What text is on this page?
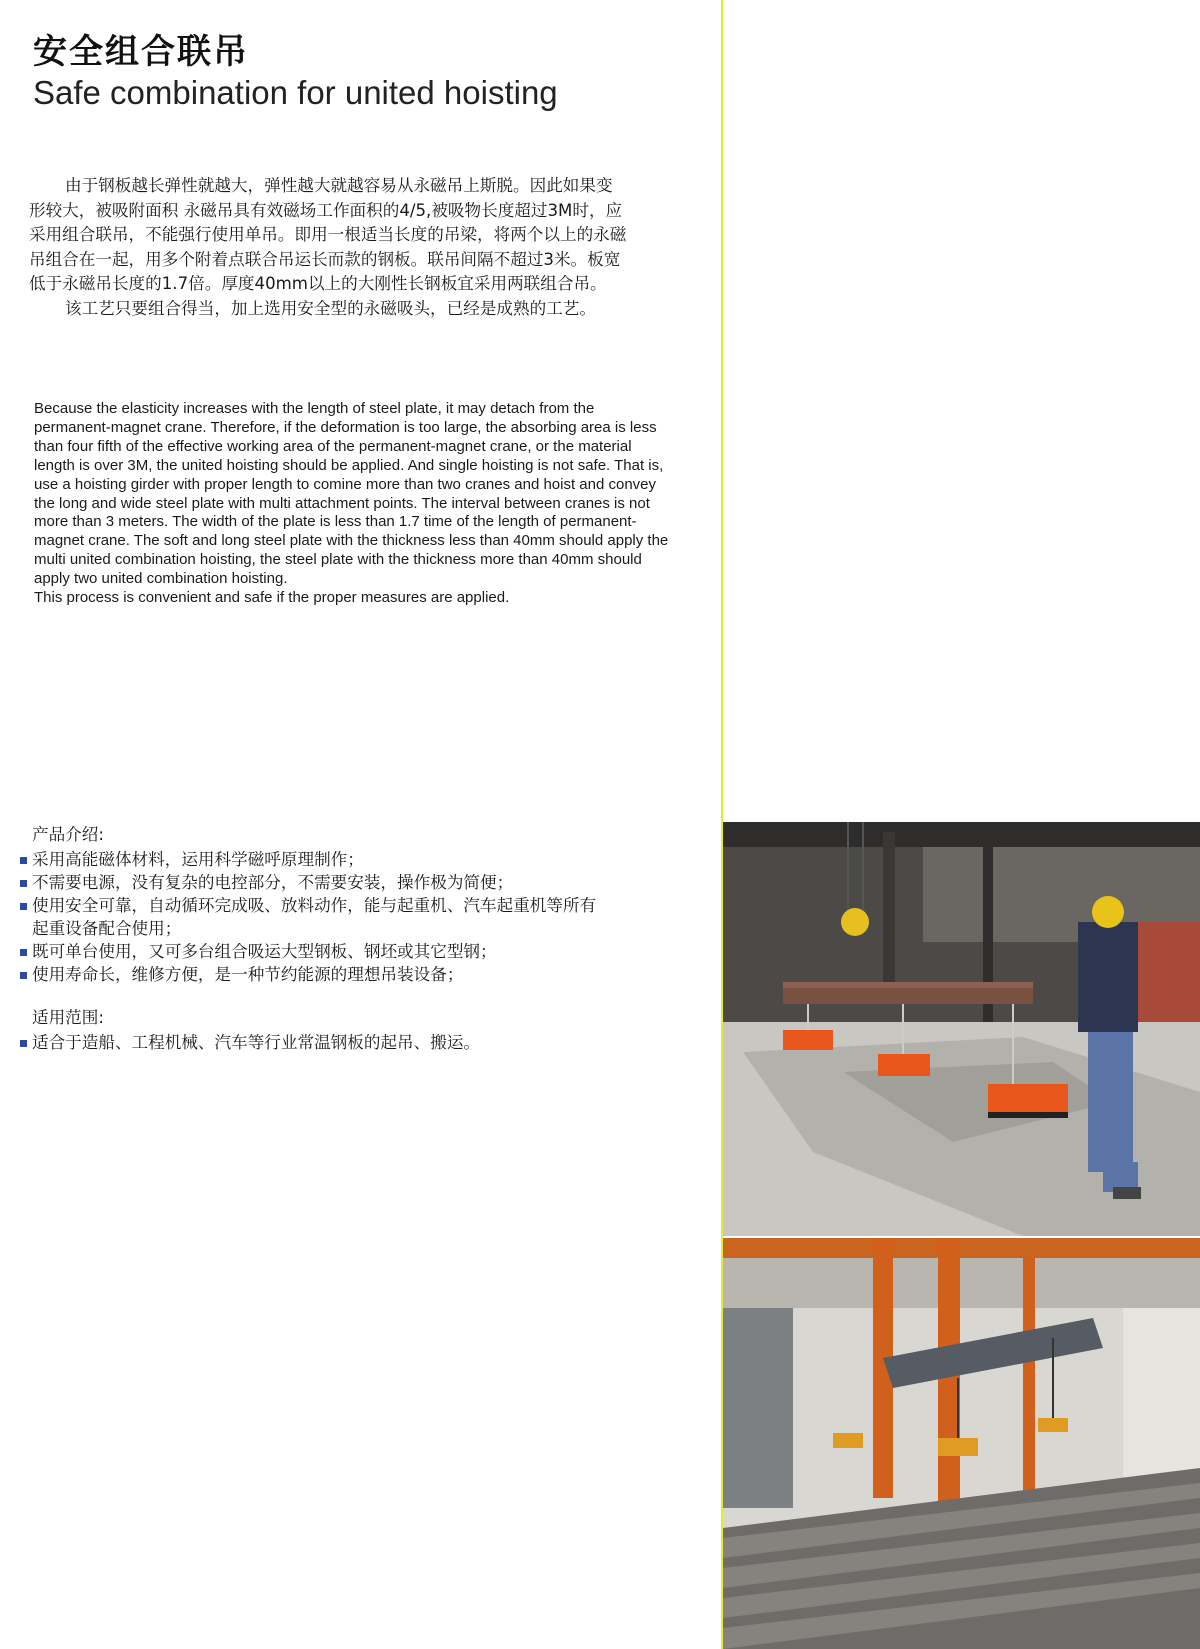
安全组合联吊
Safe combination for united hoisting

由于钢板越长弹性就越大，弹性越大就越容易从永磁吊上斯脱。因此如果变形较大，被吸附面积 永磁吊具有效磁场工作面积的4/5,被吸物长度超过3M时，应采用组合联吊，不能强行使用单吊。即用一根适当长度的吊梁，将两个以上的永磁吊组合在一起，用多个附着点联合吊运长而款的钢板。联吊间隔不超过3米。板宽低于永磁吊长度的1.7倍。厚度40mm以上的大刚性长钢板宜采用两联组合吊。

该工艺只要组合得当，加上选用安全型的永磁吸头，已经是成熟的工艺。

Because the elasticity increases with the length of steel plate, it may detach from the permanent-magnet crane. Therefore, if the deformation is too large, the absorbing area is less than four fifth of the effective working area of the permanent-magnet crane, or the material length is over 3M, the united hoisting should be applied. And single hoisting is not safe. That is, use a hoisting girder with proper length to comine more than two cranes and hoist and convey the long and wide steel plate with multi attachment points. The interval between cranes is not more than 3 meters. The width of the plate is less than 1.7 time of the length of permanent-magnet crane. The soft and long steel plate with the thickness less than 40mm should apply the multi united combination hoisting, the steel plate with the thickness more than 40mm should apply two united combination hoisting.
This process is convenient and safe if the proper measures are applied.
产品介绍:
采用高能磁体材料，运用科学磁呼原理制作；
不需要电源，没有复杂的电控部分，不需要安装，操作极为简便；
使用安全可靠，自动循环完成吸、放料动作，能与起重机、汽车起重机等所有起重设备配合使用；
既可单台使用，又可多台组合吸运大型钢板、钢坯或其它型钢；
使用寿命长，维修方便，是一种节约能源的理想吊装设备；
适用范围:
适合于造船、工程机械、汽车等行业常温钢板的起吊、搬运。
